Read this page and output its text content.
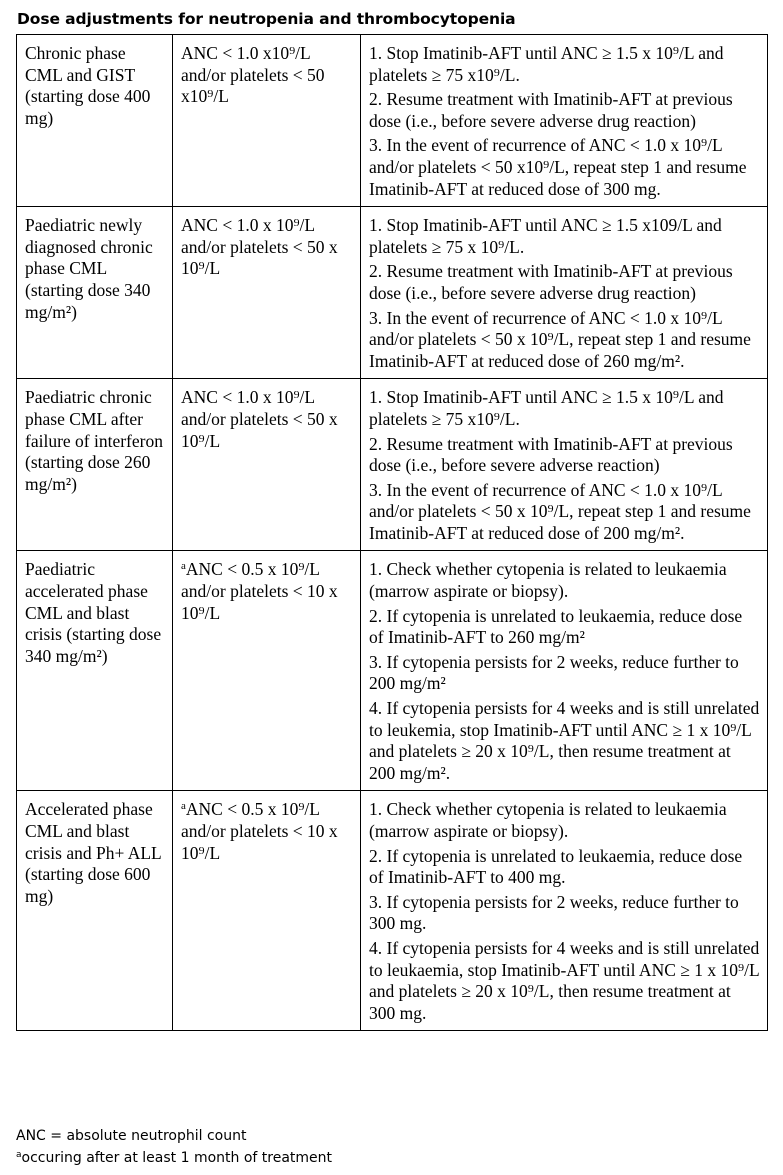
Dose adjustments for neutropenia and thrombocytopenia
Chronic phase CML and GIST (starting dose 400 mg)	ANC < 1.0 x10⁹/L and/or platelets < 50 x10⁹/L	1. Stop Imatinib-AFT until ANC ≥ 1.5 x 10⁹/L and platelets ≥ 75 x10⁹/L.
2. Resume treatment with Imatinib-AFT at previous dose (i.e., before severe adverse drug reaction)
3. In the event of recurrence of ANC < 1.0 x 10⁹/L and/or platelets < 50 x10⁹/L, repeat step 1 and resume Imatinib-AFT at reduced dose of 300 mg.

Paediatric newly diagnosed chronic phase CML (starting dose 340 mg/m²)	ANC < 1.0 x 10⁹/L and/or platelets < 50 x 10⁹/L	1. Stop Imatinib-AFT until ANC ≥ 1.5 x109/L and platelets ≥ 75 x 10⁹/L.
2. Resume treatment with Imatinib-AFT at previous dose (i.e., before severe adverse drug reaction)
3. In the event of recurrence of ANC < 1.0 x 10⁹/L and/or platelets < 50 x 10⁹/L, repeat step 1 and resume Imatinib-AFT at reduced dose of 260 mg/m².

Paediatric chronic phase CML after failure of interferon (starting dose 260 mg/m²)	ANC < 1.0 x 10⁹/L and/or platelets < 50 x 10⁹/L	1. Stop Imatinib-AFT until ANC ≥ 1.5 x 10⁹/L and platelets ≥ 75 x10⁹/L.
2. Resume treatment with Imatinib-AFT at previous dose (i.e., before severe adverse reaction)
3. In the event of recurrence of ANC < 1.0 x 10⁹/L and/or platelets < 50 x 10⁹/L, repeat step 1 and resume Imatinib-AFT at reduced dose of 200 mg/m².

Paediatric accelerated phase CML and blast crisis (starting dose 340 mg/m²)	$^a$ANC < 0.5 x 10⁹/L and/or platelets < 10 x 10⁹/L	1. Check whether cytopenia is related to leukaemia (marrow aspirate or biopsy).
2. If cytopenia is unrelated to leukaemia, reduce dose of Imatinib-AFT to 260 mg/m²
3. If cytopenia persists for 2 weeks, reduce further to 200 mg/m²
4. If cytopenia persists for 4 weeks and is still unrelated to leukemia, stop Imatinib-AFT until ANC ≥ 1 x 10⁹/L and platelets ≥ 20 x 10⁹/L, then resume treatment at 200 mg/m².

Accelerated phase CML and blast crisis and Ph+ ALL (starting dose 600 mg)	$^a$ANC < 0.5 x 10⁹/L and/or platelets < 10 x 10⁹/L	1. Check whether cytopenia is related to leukaemia (marrow aspirate or biopsy).
2. If cytopenia is unrelated to leukaemia, reduce dose of Imatinib-AFT to 400 mg.
3. If cytopenia persists for 2 weeks, reduce further to 300 mg.
4. If cytopenia persists for 4 weeks and is still unrelated to leukaemia, stop Imatinib-AFT until ANC ≥ 1 x 10⁹/L and platelets ≥ 20 x 10⁹/L, then resume treatment at 300 mg.
ANC = absolute neutrophil count
$^a$occuring after at least 1 month of treatment
